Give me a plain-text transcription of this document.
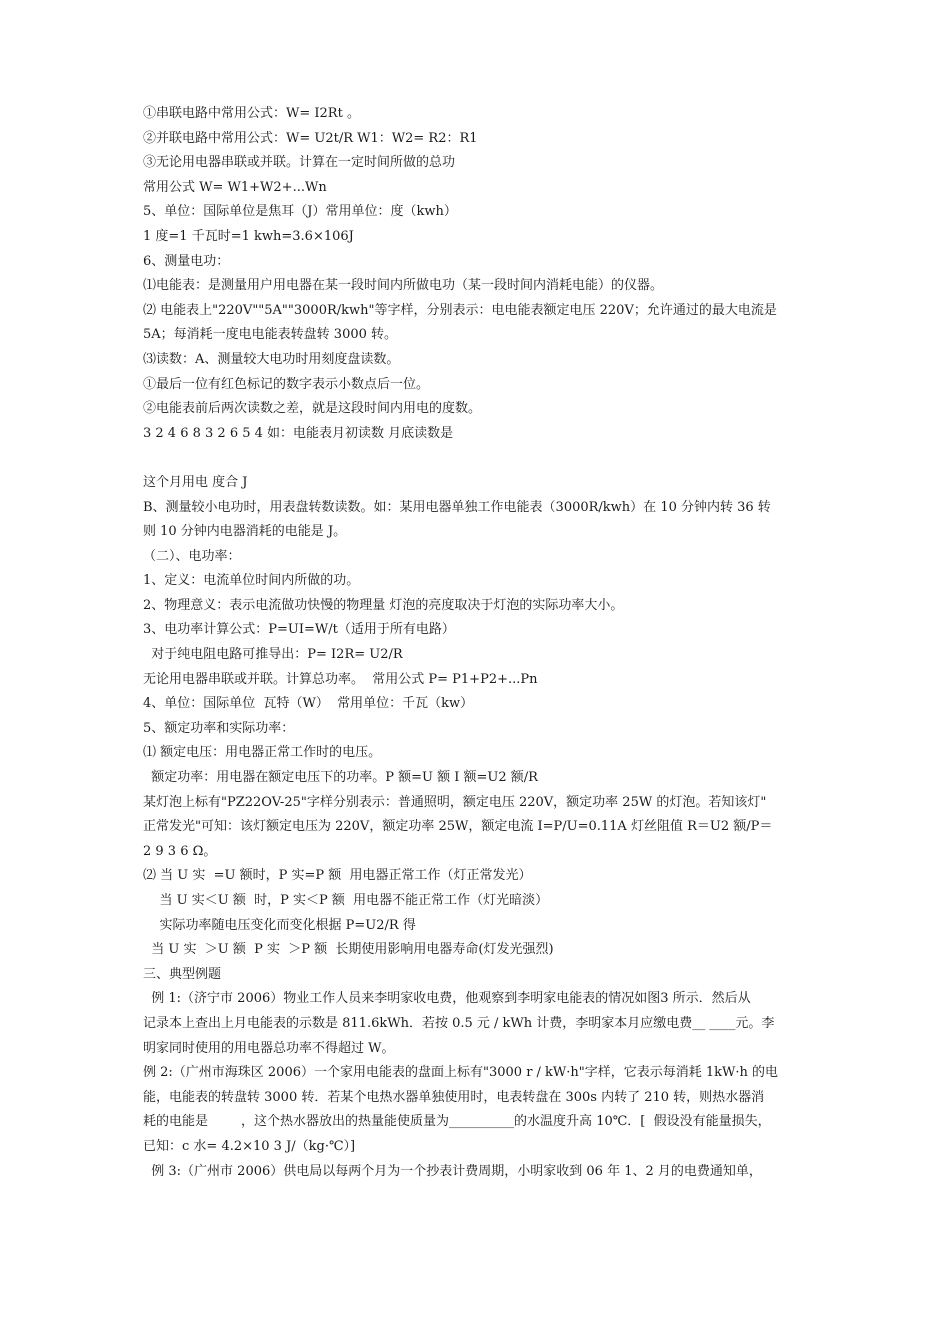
①串联电路中常用公式：W= I2Rt 。
②并联电路中常用公式：W= U2t/R W1：W2= R2：R1
③无论用电器串联或并联。计算在一定时间所做的总功
常用公式 W= W1+W2+...Wn
5、单位：国际单位是焦耳（J）常用单位：度（kwh）
1 度=1 千瓦时=1 kwh=3.6×106J
6、测量电功：
⑴电能表：是测量用户用电器在某一段时间内所做电功（某一段时间内消耗电能）的仪器。
⑵ 电能表上"220V""5A""3000R/kwh"等字样，分别表示：电电能表额定电压 220V；允许通过的最大电流是
5A；每消耗一度电电能表转盘转 3000 转。
⑶读数：A、测量较大电功时用刻度盘读数。
①最后一位有红色标记的数字表示小数点后一位。
②电能表前后两次读数之差，就是这段时间内用电的度数。
3 2 4 6 8 3 2 6 5 4 如：电能表月初读数 月底读数是
这个月用电 度合 J
B、测量较小电功时，用表盘转数读数。如：某用电器单独工作电能表（3000R/kwh）在 10 分钟内转 36 转
则 10 分钟内电器消耗的电能是 J。
（二）、电功率：
1、定义：电流单位时间内所做的功。
2、物理意义：表示电流做功快慢的物理量 灯泡的亮度取决于灯泡的实际功率大小。
3、电功率计算公式：P=UI=W/t（适用于所有电路）
对于纯电阻电路可推导出：P= I2R= U2/R
无论用电器串联或并联。计算总功率。  常用公式 P= P1+P2+...Pn
4、单位：国际单位  瓦特（W）  常用单位：千瓦（kw）
5、额定功率和实际功率：
⑴ 额定电压：用电器正常工作时的电压。
额定功率：用电器在额定电压下的功率。P 额=U 额 I 额=U2 额/R
某灯泡上标有"PZ22OV-25"字样分别表示：普通照明，额定电压 220V，额定功率 25W 的灯泡。若知该灯"
正常发光"可知：该灯额定电压为 220V，额定功率 25W，额定电流 I=P/U=0.11A 灯丝阻值 R＝U2 额/P＝
2 9 3 6 Ω。
⑵ 当 U 实  =U 额时，P 实=P 额  用电器正常工作（灯正常发光）
当 U 实＜U 额  时，P 实＜P 额  用电器不能正常工作（灯光暗淡）
实际功率随电压变化而变化根据 P=U2/R 得
当 U 实  ＞U 额  P 实  ＞P 额  长期使用影响用电器寿命(灯发光强烈)
三、典型例题
例 1:（济宁市 2006）物业工作人员来李明家收电费，他观察到李明家电能表的情况如图3 所示．然后从
记录本上查出上月电能表的示数是 811.6kWh．若按 0.5 元 / kWh 计费，李明家本月应缴电费__ ____元。李
明家同时使用的用电器总功率不得超过 W。
例 2:（广州市海珠区 2006）一个家用电能表的盘面上标有"3000 r / kW·h"字样，它表示每消耗 1kW·h 的电
能，电能表的转盘转 3000 转．若某个电热水器单独使用时，电表转盘在 300s 内转了 210 转，则热水器消
耗的电能是        ，这个热水器放出的热量能使质量为__________的水温度升高 10℃．[  假设没有能量损失，
已知：c 水= 4.2×10 3 J/（kg·℃）]
例 3:（广州市 2006）供电局以每两个月为一个抄表计费周期，小明家收到 06 年 1、2 月的电费通知单，
